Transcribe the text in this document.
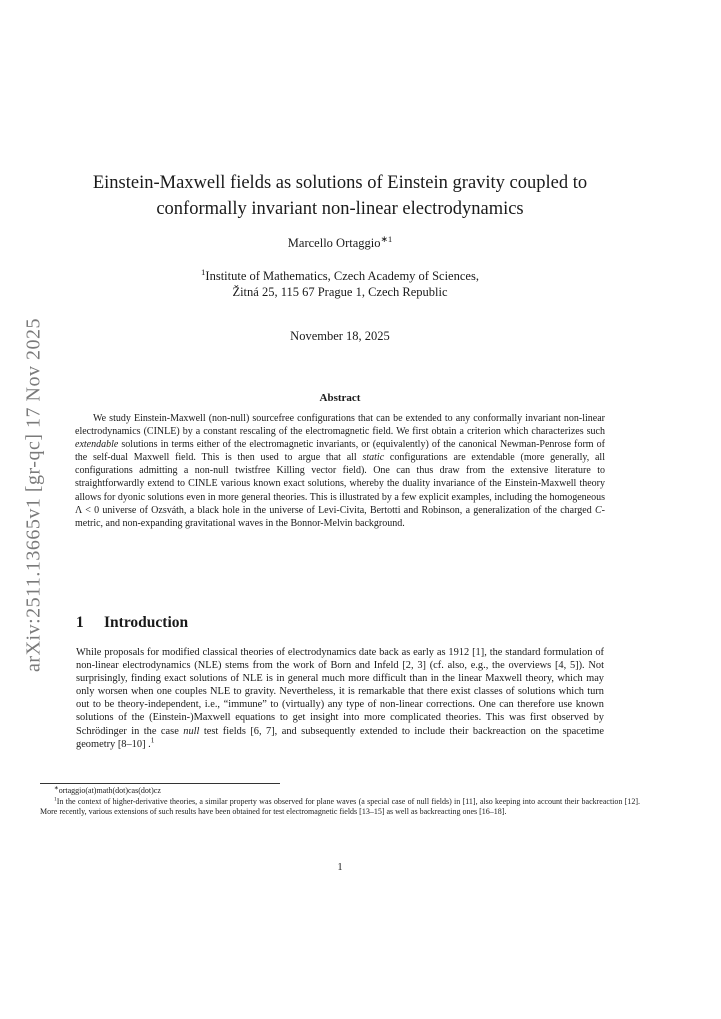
arXiv:2511.13665v1 [gr-qc] 17 Nov 2025
Einstein-Maxwell fields as solutions of Einstein gravity coupled to
conformally invariant non-linear electrodynamics
Marcello Ortaggio$^{∗1}$
$^1$Institute of Mathematics, Czech Academy of Sciences,
Žitná 25, 115 67 Prague 1, Czech Republic
November 18, 2025
Abstract
We study Einstein-Maxwell (non-null) sourcefree configurations that can be extended to any conformally invariant non-linear electrodynamics (CINLE) by a constant rescaling of the electromagnetic field. We first obtain a criterion which characterizes such extendable solutions in terms either of the electromagnetic invariants, or (equivalently) of the canonical Newman-Penrose form of the self-dual Maxwell field. This is then used to argue that all static configurations are extendable (more generally, all configurations admitting a non-null twistfree Killing vector field). One can thus draw from the extensive literature to straightforwardly extend to CINLE various known exact solutions, whereby the duality invariance of the Einstein-Maxwell theory allows for dyonic solutions even in more general theories. This is illustrated by a few explicit examples, including the homogeneous Λ < 0 universe of Ozsváth, a black hole in the universe of Levi-Civita, Bertotti and Robinson, a generalization of the charged C-metric, and non-expanding gravitational waves in the Bonnor-Melvin background.
1 Introduction
While proposals for modified classical theories of electrodynamics date back as early as 1912 [1], the standard formulation of non-linear electrodynamics (NLE) stems from the work of Born and Infeld [2, 3] (cf. also, e.g., the overviews [4, 5]). Not surprisingly, finding exact solutions of NLE is in general much more difficult than in the linear Maxwell theory, which may only worsen when one couples NLE to gravity. Nevertheless, it is remarkable that there exist classes of solutions which turn out to be theory-independent, i.e., “immune” to (virtually) any type of non-linear corrections. One can therefore use known solutions of the (Einstein-)Maxwell equations to get insight into more complicated theories. This was first observed by Schrödinger in the case null test fields [6, 7], and subsequently extended to include their backreaction on the spacetime geometry [8–10] .$^1$

∗ortaggio(at)math(dot)cas(dot)cz

$^1$In the context of higher-derivative theories, a similar property was observed for plane waves (a special case of null fields) in [11], also keeping into account their backreaction [12]. More recently, various extensions of such results have been obtained for test electromagnetic fields [13–15] as well as backreacting ones [16–18].

1
